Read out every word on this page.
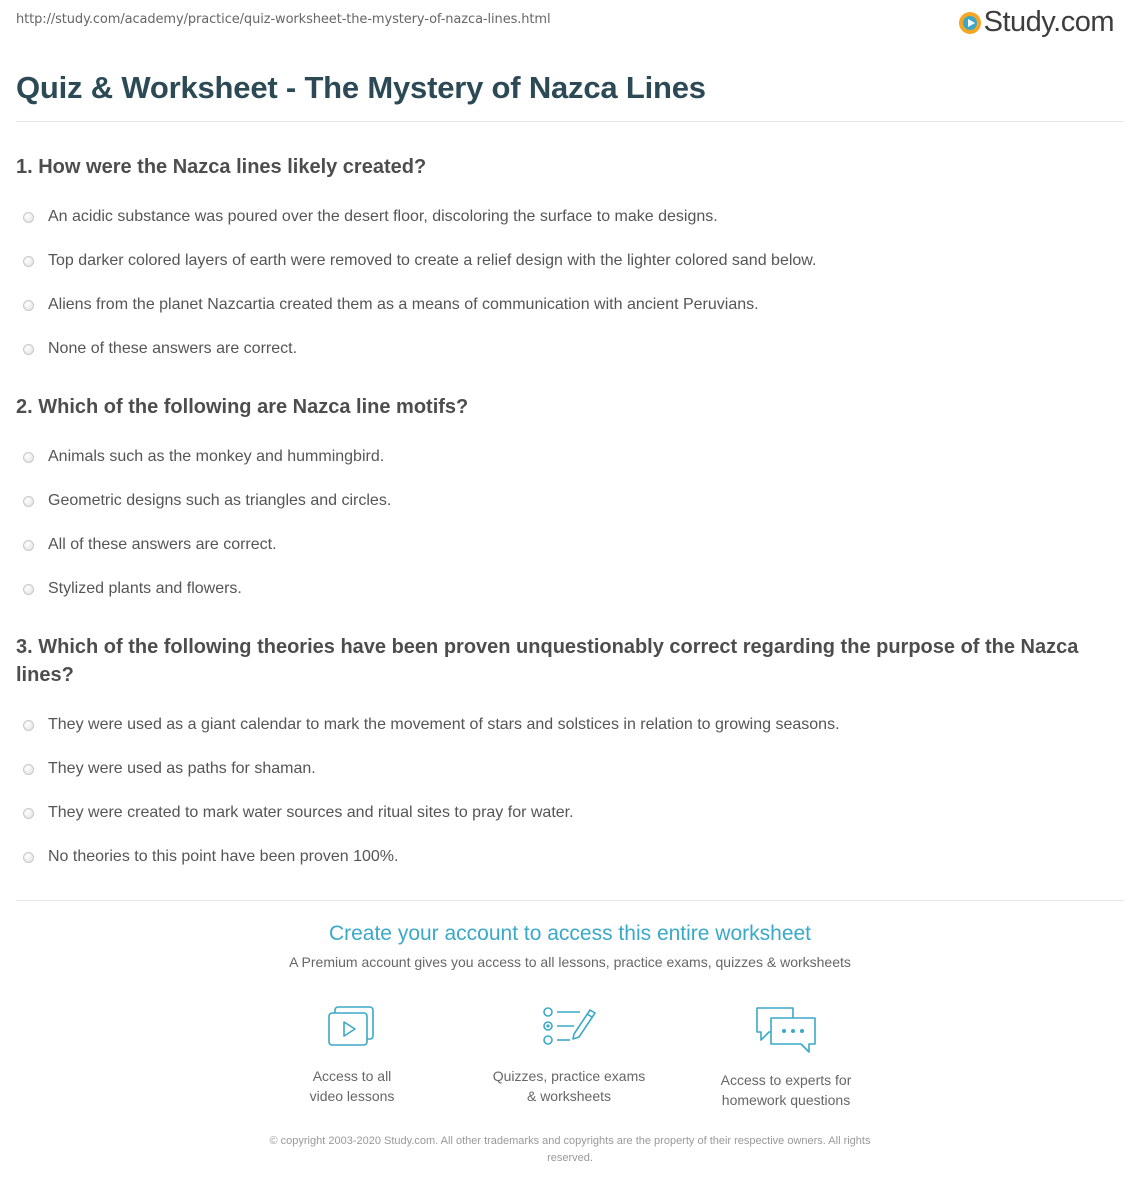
http://study.com/academy/practice/quiz-worksheet-the-mystery-of-nazca-lines.html	Study.com
Quiz & Worksheet - The Mystery of Nazca Lines
1. How were the Nazca lines likely created?
An acidic substance was poured over the desert floor, discoloring the surface to make designs.
Top darker colored layers of earth were removed to create a relief design with the lighter colored sand below.
Aliens from the planet Nazcartia created them as a means of communication with ancient Peruvians.
None of these answers are correct.
2. Which of the following are Nazca line motifs?
Animals such as the monkey and hummingbird.
Geometric designs such as triangles and circles.
All of these answers are correct.
Stylized plants and flowers.
3. Which of the following theories have been proven unquestionably correct regarding the purpose of the Nazca lines?
They were used as a giant calendar to mark the movement of stars and solstices in relation to growing seasons.
They were used as paths for shaman.
They were created to mark water sources and ritual sites to pray for water.
No theories to this point have been proven 100%.
Create your account to access this entire worksheet
A Premium account gives you access to all lessons, practice exams, quizzes & worksheets
Access to all
video lessons
Quizzes, practice exams
& worksheets
Access to experts for
homework questions
© copyright 2003-2020 Study.com. All other trademarks and copyrights are the property of their respective owners. All rights
reserved.
